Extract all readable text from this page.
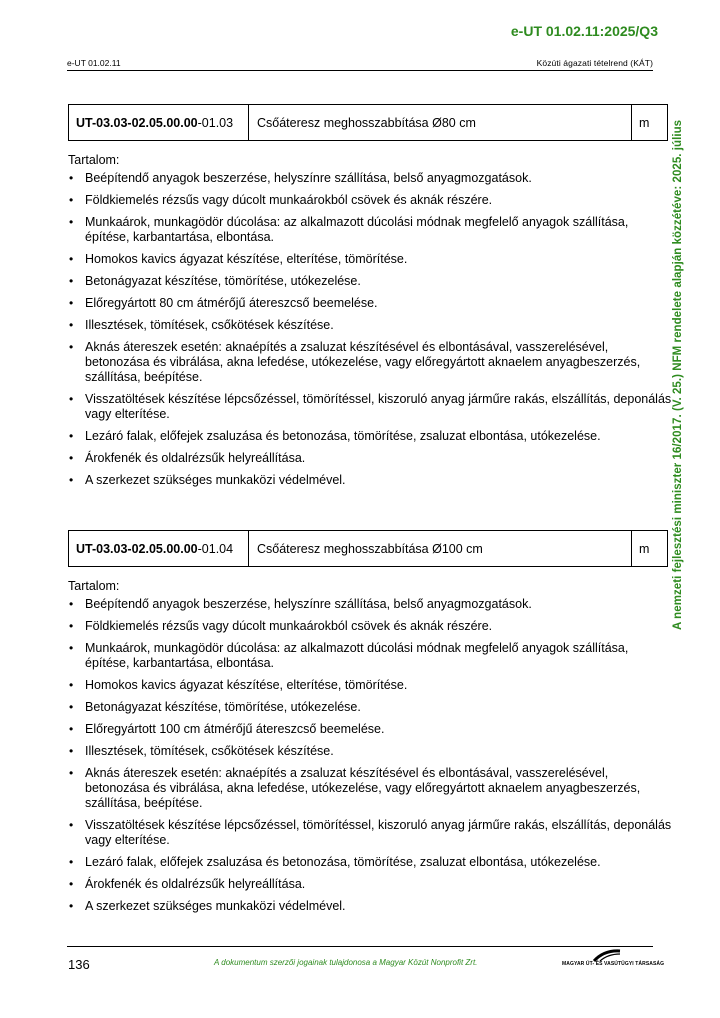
e-UT 01.02.11:2025/Q3
e-UT 01.02.11	Közúti ágazati tételrend (KÁT)
A nemzeti fejlesztési miniszter 16/2017. (V. 25.) NFM rendelete alapján közzétéve: 2025. július
UT-03.03-02.05.00.00 -01.03	Csőáteresz meghosszabbítása Ø80 cm	m
Tartalom:
• Beépítendő anyagok beszerzése, helyszínre szállítása, belső anyagmozgatások.
• Földkiemelés rézsűs vagy dúcolt munkaárokból csövek és aknák részére.
• Munkaárok, munkagödör dúcolása: az alkalmazott dúcolási módnak megfelelő anyagok szállítása, építése, karbantartása, elbontása.
• Homokos kavics ágyazat készítése, elterítése, tömörítése.
• Betonágyazat készítése, tömörítése, utókezelése.
• Előregyártott 80 cm átmérőjű átereszcső beemelése.
• Illesztések, tömítések, csőkötések készítése.
• Aknás átereszek esetén: aknaépítés a zsaluzat készítésével és elbontásával, vasszerelésével, betonozása és vibrálása, akna lefedése, utókezelése, vagy előregyártott aknaelem anyagbeszerzés, szállítása, beépítése.
• Visszatöltések készítése lépcsőzéssel, tömörítéssel, kiszoruló anyag járműre rakás, elszállítás, deponálás vagy elterítése.
• Lezáró falak, előfejek zsaluzása és betonozása, tömörítése, zsaluzat elbontása, utókezelése.
• Árokfenék és oldalrézsűk helyreállítása.
• A szerkezet szükséges munkaközi védelmével.
UT-03.03-02.05.00.00 -01.04	Csőáteresz meghosszabbítása Ø100 cm	m
Tartalom:
• Beépítendő anyagok beszerzése, helyszínre szállítása, belső anyagmozgatások.
• Földkiemelés rézsűs vagy dúcolt munkaárokból csövek és aknák részére.
• Munkaárok, munkagödör dúcolása: az alkalmazott dúcolási módnak megfelelő anyagok szállítása, építése, karbantartása, elbontása.
• Homokos kavics ágyazat készítése, elterítése, tömörítése.
• Betonágyazat készítése, tömörítése, utókezelése.
• Előregyártott 100 cm átmérőjű átereszcső beemelése.
• Illesztések, tömítések, csőkötések készítése.
• Aknás átereszek esetén: aknaépítés a zsaluzat készítésével és elbontásával, vasszerelésével, betonozása és vibrálása, akna lefedése, utókezelése, vagy előregyártott aknaelem anyagbeszerzés, szállítása, beépítése.
• Visszatöltések készítése lépcsőzéssel, tömörítéssel, kiszoruló anyag járműre rakás, elszállítás, deponálás vagy elterítése.
• Lezáró falak, előfejek zsaluzása és betonozása, tömörítése, zsaluzat elbontása, utókezelése.
• Árokfenék és oldalrézsűk helyreállítása.
• A szerkezet szükséges munkaközi védelmével.
136	A dokumentum szerzői jogainak tulajdonosa a Magyar Közút Nonprofit Zrt.	MAGYAR ÚT- ÉS VASÚTÜGYI TÁRSASÁG
